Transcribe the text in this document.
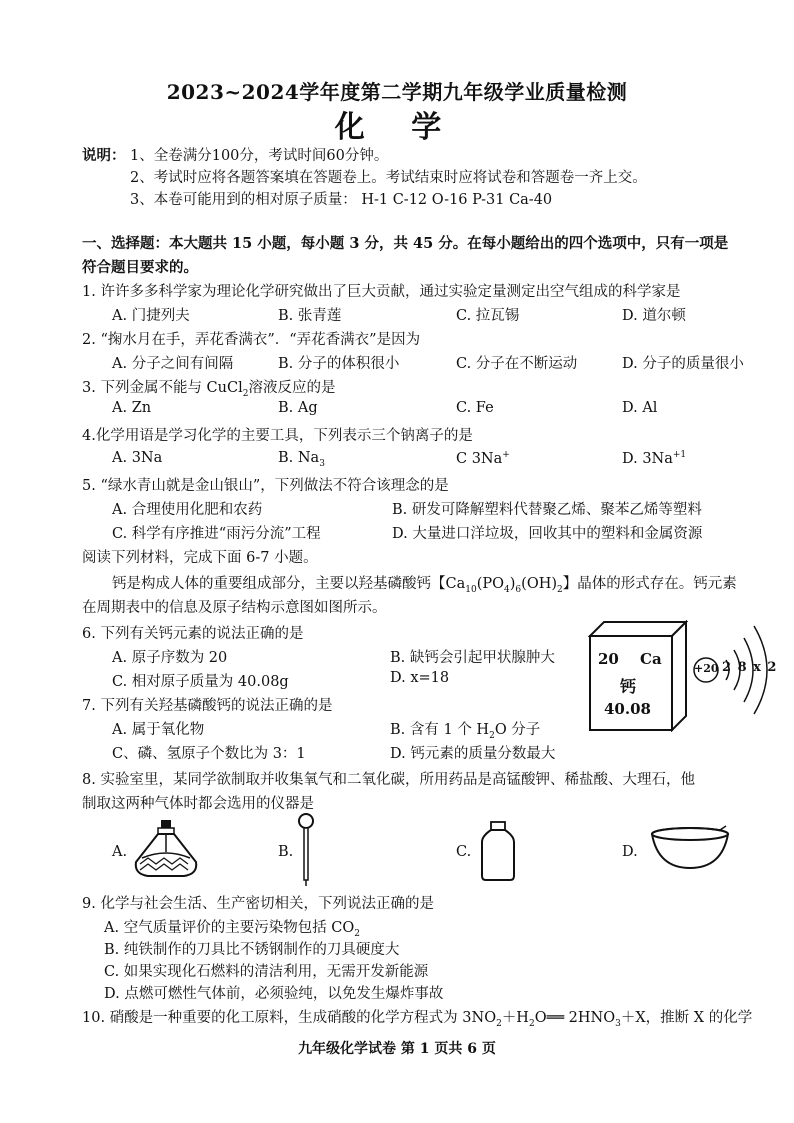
2023~2024学年度第二学期九年级学业质量检测
化 学
说明： 1、全卷满分100分，考试时间60分钟。
2、考试时应将各题答案填在答题卷上。考试结束时应将试卷和答题卷一齐上交。
3、本卷可能用到的相对原子质量： H-1 C-12 O-16 P-31 Ca-40
一、选择题：本大题共 15 小题，每小题 3 分，共 45 分。在每小题给出的四个选项中，只有一项是
符合题目要求的。
1. 许许多多科学家为理论化学研究做出了巨大贡献，通过实验定量测定出空气组成的科学家是
A. 门捷列夫	B. 张青莲	C. 拉瓦锡	D. 道尔顿
2. “掬水月在手，弄花香满衣”．“弄花香满衣”是因为
A. 分子之间有间隔	B. 分子的体积很小	C. 分子在不断运动	D. 分子的质量很小
3. 下列金属不能与 CuCl$_2$溶液反应的是
A. Zn	B. Ag	C. Fe	D. Al
4.化学用语是学习化学的主要工具，下列表示三个钠离子的是
A. 3Na	B. $Na_3$	C 3Na+	D. $3Na^{+1}$
5. “绿水青山就是金山银山”，下列做法不符合该理念的是
A. 合理使用化肥和农药	B. 研发可降解塑料代替聚乙烯、聚苯乙烯等塑料
C. 科学有序推进“雨污分流”工程	D. 大量进口洋垃圾，回收其中的塑料和金属资源
阅读下列材料，完成下面 6-7 小题。
钙是构成人体的重要组成部分，主要以羟基磷酸钙【$Ca_{10}(PO_4)_6(OH)_2$】晶体的形式存在。钙元素
在周期表中的信息及原子结构示意图如图所示。
20 Ca
钙
40.08
+20 2 8 x 2
6. 下列有关钙元素的说法正确的是
A. 原子序数为 20	B. 缺钙会引起甲状腺肿大
C. 相对原子质量为 40.08g	D. x=18
7. 下列有关羟基磷酸钙的说法正确的是
A. 属于氧化物	B. 含有 1 个 $H_2O$ 分子
C、磷、氢原子个数比为 3：1	D. 钙元素的质量分数最大
8. 实验室里，某同学欲制取并收集氧气和二氧化碳，所用药品是高锰酸钾、稀盐酸、大理石，他
制取这两种气体时都会选用的仪器是
A.	B.	C.	D.
9. 化学与社会生活、生产密切相关，下列说法正确的是
A. 空气质量评价的主要污染物包括 $CO_2$
B. 纯铁制作的刀具比不锈钢制作的刀具硬度大
C. 如果实现化石燃料的清洁利用，无需开发新能源
D. 点燃可燃性气体前，必须验纯，以免发生爆炸事故
10. 硝酸是一种重要的化工原料，生成硝酸的化学方程式为 $3NO_2+H_2O══$ $2HNO_3+X$，推断 X 的化学
九年级化学试卷 第 1 页共 6 页
